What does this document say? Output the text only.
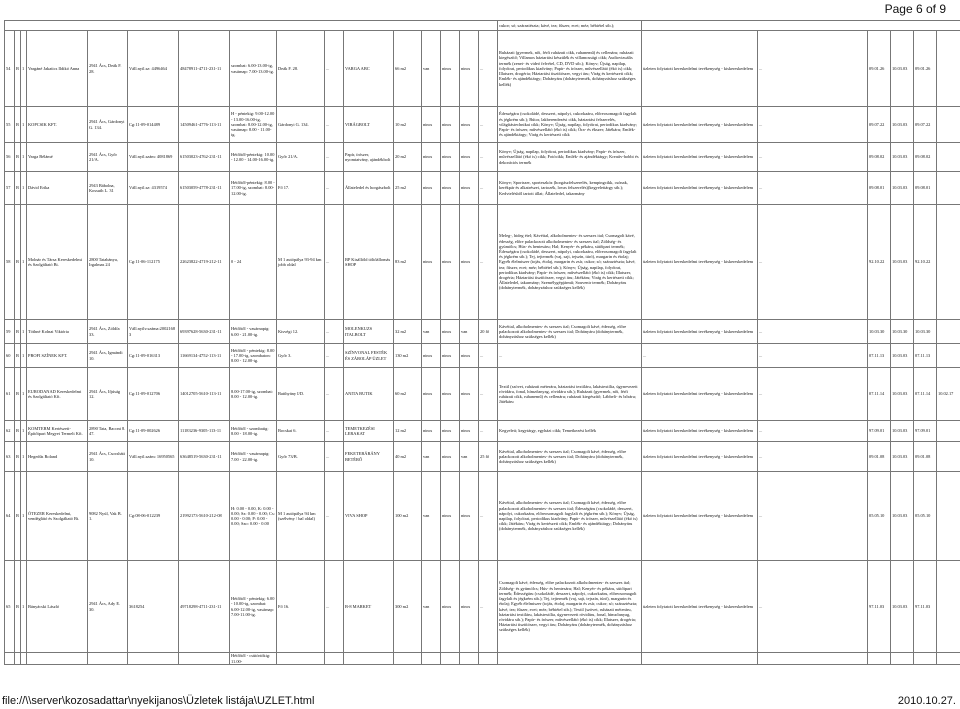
Page 6 of 9
																cukor; só; száraztészta; kávé, tea; fűszer, ecet; méz; bébiétel stb.);						
54	B	1	Vargáné Jakatics Ildikó Anna	2941 Ács, Deák F. 28.	Váll.nyil.sz: 4496464	48478911-4711-231-11	szombat: 6.00-13.00-ig, vasárnap: 7.00-13.00-ig.	Deák F. 28.	...	VARGA ABC	66 m2	van	nincs	nincs	...	Ruházati (gyermek, női, férfi ruházati cikk, ruhanemű) és cellenáru; ruházati kiegészítő; Villamos háztartási készülék és villamossági cikk; Audiovizuális termék (zenei- és videó felvétel, CD, DVD stb.); Könyv; Újság, napilap, folyóirat, periodikus kiadvány; Papír- és írószer, művészellátó (ékó is) cikk; Illatszer, drogéria; Háztartási tisztítószer, vegyi áru; Virág és kertészeti cikk; Emlék- és ajándéktárgy; Dohányáru (dohánytermék, dohányzáshoz szükséges kellék)	üzleten folytatott kereskedelmi tevékenység - kiskereskedelem	...	09.01.26	10.03.03	09.01.26	
55	B	1	KOPCSIK KFT.	2941 Ács, Gárdonyi G. 134.	Cg:11-09-014489	14509461-4776-113-11	H - péntekig: 9.00-12.00 - 13.00-16.00-ig, szombat: 8.00-12.00-ig, vasárnap: 8.00 - 11.00-ig.	Gárdonyi G. 134.	...	VIRÁGBOLT	10 m2	nincs	nincs	nincs	...	Édességáru (csokoládé, desszert, nápolyi, cukorkaáru, előreosomagolt fagylalt és jégkrém stb.); Bútor, lakberendezési cikk, háztartási felszerelés, világítástechnikai cikk; Könyv; Újság, napilap, folyóirat, periodikus kiadvány; Papír- és írószer, művészellátó (ékó is) cikk; Óra- és ékszer; Játékáru; Emlék- és ajándéktárgy; Virág és kertészeti cikk	üzleten folytatott kereskedelmi tevékenység - kiskereskedelem	...	09.07.22	10.03.03	09.07.22	
56	B	1	Varga Bélámé	2941 Ács, Győr 21/A.	Váll.nyil.szám: 4081869	61503023-4762-231-11	Hétfőtől-péntekig: 10.00 - 12.00 - 14.00-16.00-ig.	Győr 21/A.	...	Papír, írószer, nyomtatvány, ajándékbolt	20 m2	nincs	nincs	nincs	...	Könyv; Újság, napilap, folyóirat, periodikus kiadvány; Papír- és írószer, művészellátó (ékó is) cikk; Fotócikk; Emlék- és ajándéktárgy; Kreatív-hobbi és dekorációs termék	üzleten folytatott kereskedelmi tevékenység - kiskereskedelem	...	09.08.02	10.03.03	09.08.02	
57	B	1	Dávid Erika	2943 Bábolna, Kossuth L. 31	Váll.nyil.sz: 4319574	61503059-4778-231-11	Hétfőtől-péntekig: 8.00 - 17.00-ig, szombat: 8.00-12.00-ig.	Fő 17.	...	Állateledel és horgászbolt	25 m2	nincs	nincs	nincs	...	Könyv; Sportszer, sporteszköz (horgászfelszerelés, kempingcikk, csónak, kerékpár és alkatrészei, tartozék, lovas felszerelés)(kegyelettárgy stb.); Kedvtelésből tartott állat; Állateledel, takarmány	üzleten folytatott kereskedelmi tevékenység - kiskereskedelem	...	09.08.01	10.03.03	09.08.01	
58	B	1	Molnár és Társa Kereskedelmi és Szolgáltató Bt.	2800 Tatabánya, Irgalmas 24	Cg:11-06-112175	22623822-4719-212-11	0 - 24	M 1 autópálya 93-94 km jobb oldal	...	BP Kisállóld töltőállomás SHOP	83 m2	nincs	nincs	nincs	...	Meleg-, hideg étel; Kávéital, alkoholmentes- és szeszes ital; Csomagolt kávé, édesség, előre palackozott alkoholmentes- és szeszes ital; Zöldség- és gyümölcs; Hús- és hentesáru; Hal; Kenyér- és pékáru, sütőipari termék; Édességáru (csokoládé, desszert, nápolyi, cukorkaáru, előreosomagolt fagylalt és jégkrém stb.); Tej, tejtermék (vaj, sajt, tejszín, túró), margarin és étolaj; Egyéb élelmiszer (tojás, étolaj, margarin és zsír, cukor; só; száraztészta; kávé, tea; fűszer, ecet; méz; bébiétel stb.); Könyv; Újság, napilap, folyóirat, periodikus kiadvány; Papír- és írószer, művészellátó (ékó is) cikk; Illatszer, drogéria; Háztartási tisztítószer, vegyi áru; Játékáru; Virág és kertészeti cikk; Állateledel, takarmány; Személygépjármű; Souvenir termék; Dohányáru (dohánytermék, dohányzáshoz szükséges kellék)	üzleten folytatott kereskedelmi tevékenység - kiskereskedelem	...	92.10.22	10.03.03	92.10.22	
59	B	1	Tóthné Kolnai Viktória	2941 Ács, Zöldfa 33.	Váll.nyilv.száma:20021683	69397628-5630-231-11	Hétfőtől - vasárnapig: 6.00 - 21.00-ig.	Kisvégi 12.	...	MOLENKUZS ITALBOLT	32 m2	van	nincs	van	20 fő	Kávéital, alkoholmentes- és szeszes ital; Csomagolt kávé, édesség, előre palackozott alkoholmentes- és szeszes ital; Dohányáru (dohánytermék, dohányzáshoz szükséges kellék)	üzleten folytatott kereskedelmi tevékenység - kiskereskedelem	...	10.03.30	10.03.30	10.03.30	
60	B	1	PROFI SZÍNEK KFT.	2941 Ács, Igmándi 10.	Cg:11-09-016313	11669134-4752-113-11	Hétfőtől - péntekig: 8.00 - 17.00-ig, szombaton: 8.00 - 12.00-ig.	Győr 3.	...	SZÍNVONAL FESTÉK ÉS ZÁROLÁP ÜZLET	130 m2	nincs	nincs	nincs	...	...	...	...	07.11.13	10.03.03	07.11.13	
61	B	1	EURODANAD Kereskedelmi és Szolgáltató Kft.	2941 Ács, Ifjúság 12.	Cg:11-09-012706	14012705-5610-113-11	8.00-17.00-ig, szombat: 8.00 - 12.00-ig.	Batthyány I/D.	...	ANITA BUTIK	60 m2	nincs	nincs	nincs	...	Textil (szövet, ruházati méteráru, háztartási textiláru, lakástextília, úgynevezett rövidáru, fonal, hímzőanyag, rövidáru stb.); Ruházati (gyermek, női, férfi ruházati cikk, ruhanemű) és cellenáru; ruházati kiegészítő; Lábbeli- és bőráru; Játékáru	üzleten folytatott kereskedelmi tevékenység - kiskereskedelem	...	07.11.14	10.03.03	07.11.14	10.02.17
62	B	1	KOMTERM Kertészeti-Építőipari Megyei Termelt Kft.	2890 Tata, Baconi 8. 47.	Cg:11-09-002626	11183236-9305-113-11	Hétfőtől - szombatig: 8.00 - 18.00-ig.	Bocskai 6.	...	TEMETKEZÉSI LERAKAT	12 m2	nincs	nincs	nincs	...	Kegyeleti; kegytárgy, egyházi cikk; Temetkezési kellék	üzleten folytatott kereskedelmi tevékenység - kiskereskedelem	...	97.09.01	10.03.03	97.09.01	
63	B	1	Hegedűs Roland	2941 Ács, Csocsháti 10.	Váll.nyil.szám: 16950565	63648519-5630-231-11	Hétfőtől - vasárnapig: 7.00 - 22.00-ig.	Győr 73/B.	...	FEKETEBÁRÁNY BETÉRŐ	40 m2	van	nincs	van	25 fő	Kávéital, alkoholmentes- és szeszes ital; Csomagolt kávé, édesség, előre palackozott alkoholmentes- és szeszes ital; Dohányáru (dohánytermék, dohányzáshoz szükséges kellék)	üzleten folytatott kereskedelmi tevékenység - kiskereskedelem	...	09.01.08	10.03.03	09.01.08	
64	B	1	ÖTEZER Kereskedelmi, vendéglátó és Szolgáltató Bt.	9082 Nyúl, Vak B. 1.	Cg:08-06-012239	21992173-5610-212-08	H: 0.00 - 0.00, K: 0.00 - 0.00; Sz: 0.00 - 0.00; Cs: 0.00 - 0.00; P: 0.00 - 0.00; Szo: 0.00 - 0.00	M 1 autópálya 94 km (szélvény / bal oldal)	...	VIVA SHOP	100 m2	van	nincs	nincs	...	Kávéital, alkoholmentes- és szeszes ital; Csomagolt kávé, édesség, előre palackozott alkoholmentes- és szeszes ital; Édességáru (csokoládé, desszert, nápolyi, cukorkaáru, előreosomagolt fagylalt és jégkrém stb.); Könyv; Újság, napilap, folyóirat, periodikus kiadvány; Papír- és írószer, művészellátó (ékó is) cikk; Játékáru; Virág és kertészeti cikk; Emlék- és ajándéktárgy; Dohányáru (dohánytermék, dohányzáshoz szükséges kellék)	üzleten folytatott kereskedelmi tevékenység - kiskereskedelem	...	05.05.10	10.03.03	05.05.10	
65	B	1	Bányácski László	2941 Ács, Ady E. 30.	3618254	49718298-4711-231-11	Hétfőtől - péntekig: 6.00 - 10.00-ig, szombat: 6.00-12.00-ig, vasárnap: 7.00-11.00-ig.	Fő 16.	...	B-8 MARKET	300 m2	van	nincs	nincs	...	Csomagolt kávé, édesség, előre palackozott alkoholmentes- és szeszes ital; Zöldség- és gyümölcs; Hús- és hentesáru; Hal; Kenyér- és pékáru, sütőipari termék; Édességáru (csokoládé, desszert, nápolyi, cukorkaáru, előreosomagolt fagylalt és jégkrém stb.); Tej, tejtermék (vaj, sajt, tejszín, túró), margarin és étolaj; Egyéb élelmiszer (tojás, étolaj, margarin és zsír, cukor; só; száraztészta; kávé, tea; fűszer, ecet; méz; bébiétel stb.); Textil (szövet, ruházati méteráru, háztartási textiláru, lakástextília, úgynevezett rövidáru, fonal, hímzőanyag, rövidáru stb.); Papír- és írószer, művészellátó (ékó is) cikk; Illatszer, drogéria; Háztartási tisztítószer, vegyi áru; Dohányáru (dohánytermék, dohányzáshoz szükséges kellék)	üzleten folytatott kereskedelmi tevékenység - kiskereskedelem	...	97.11.03	10.03.03	97.11.03	
							Hétfőtől - csütörtökig: 11.00-															
file://\\server\kozosadattar\nyekijanos\Üzletek listája\UZLET.html	2010.10.27.
